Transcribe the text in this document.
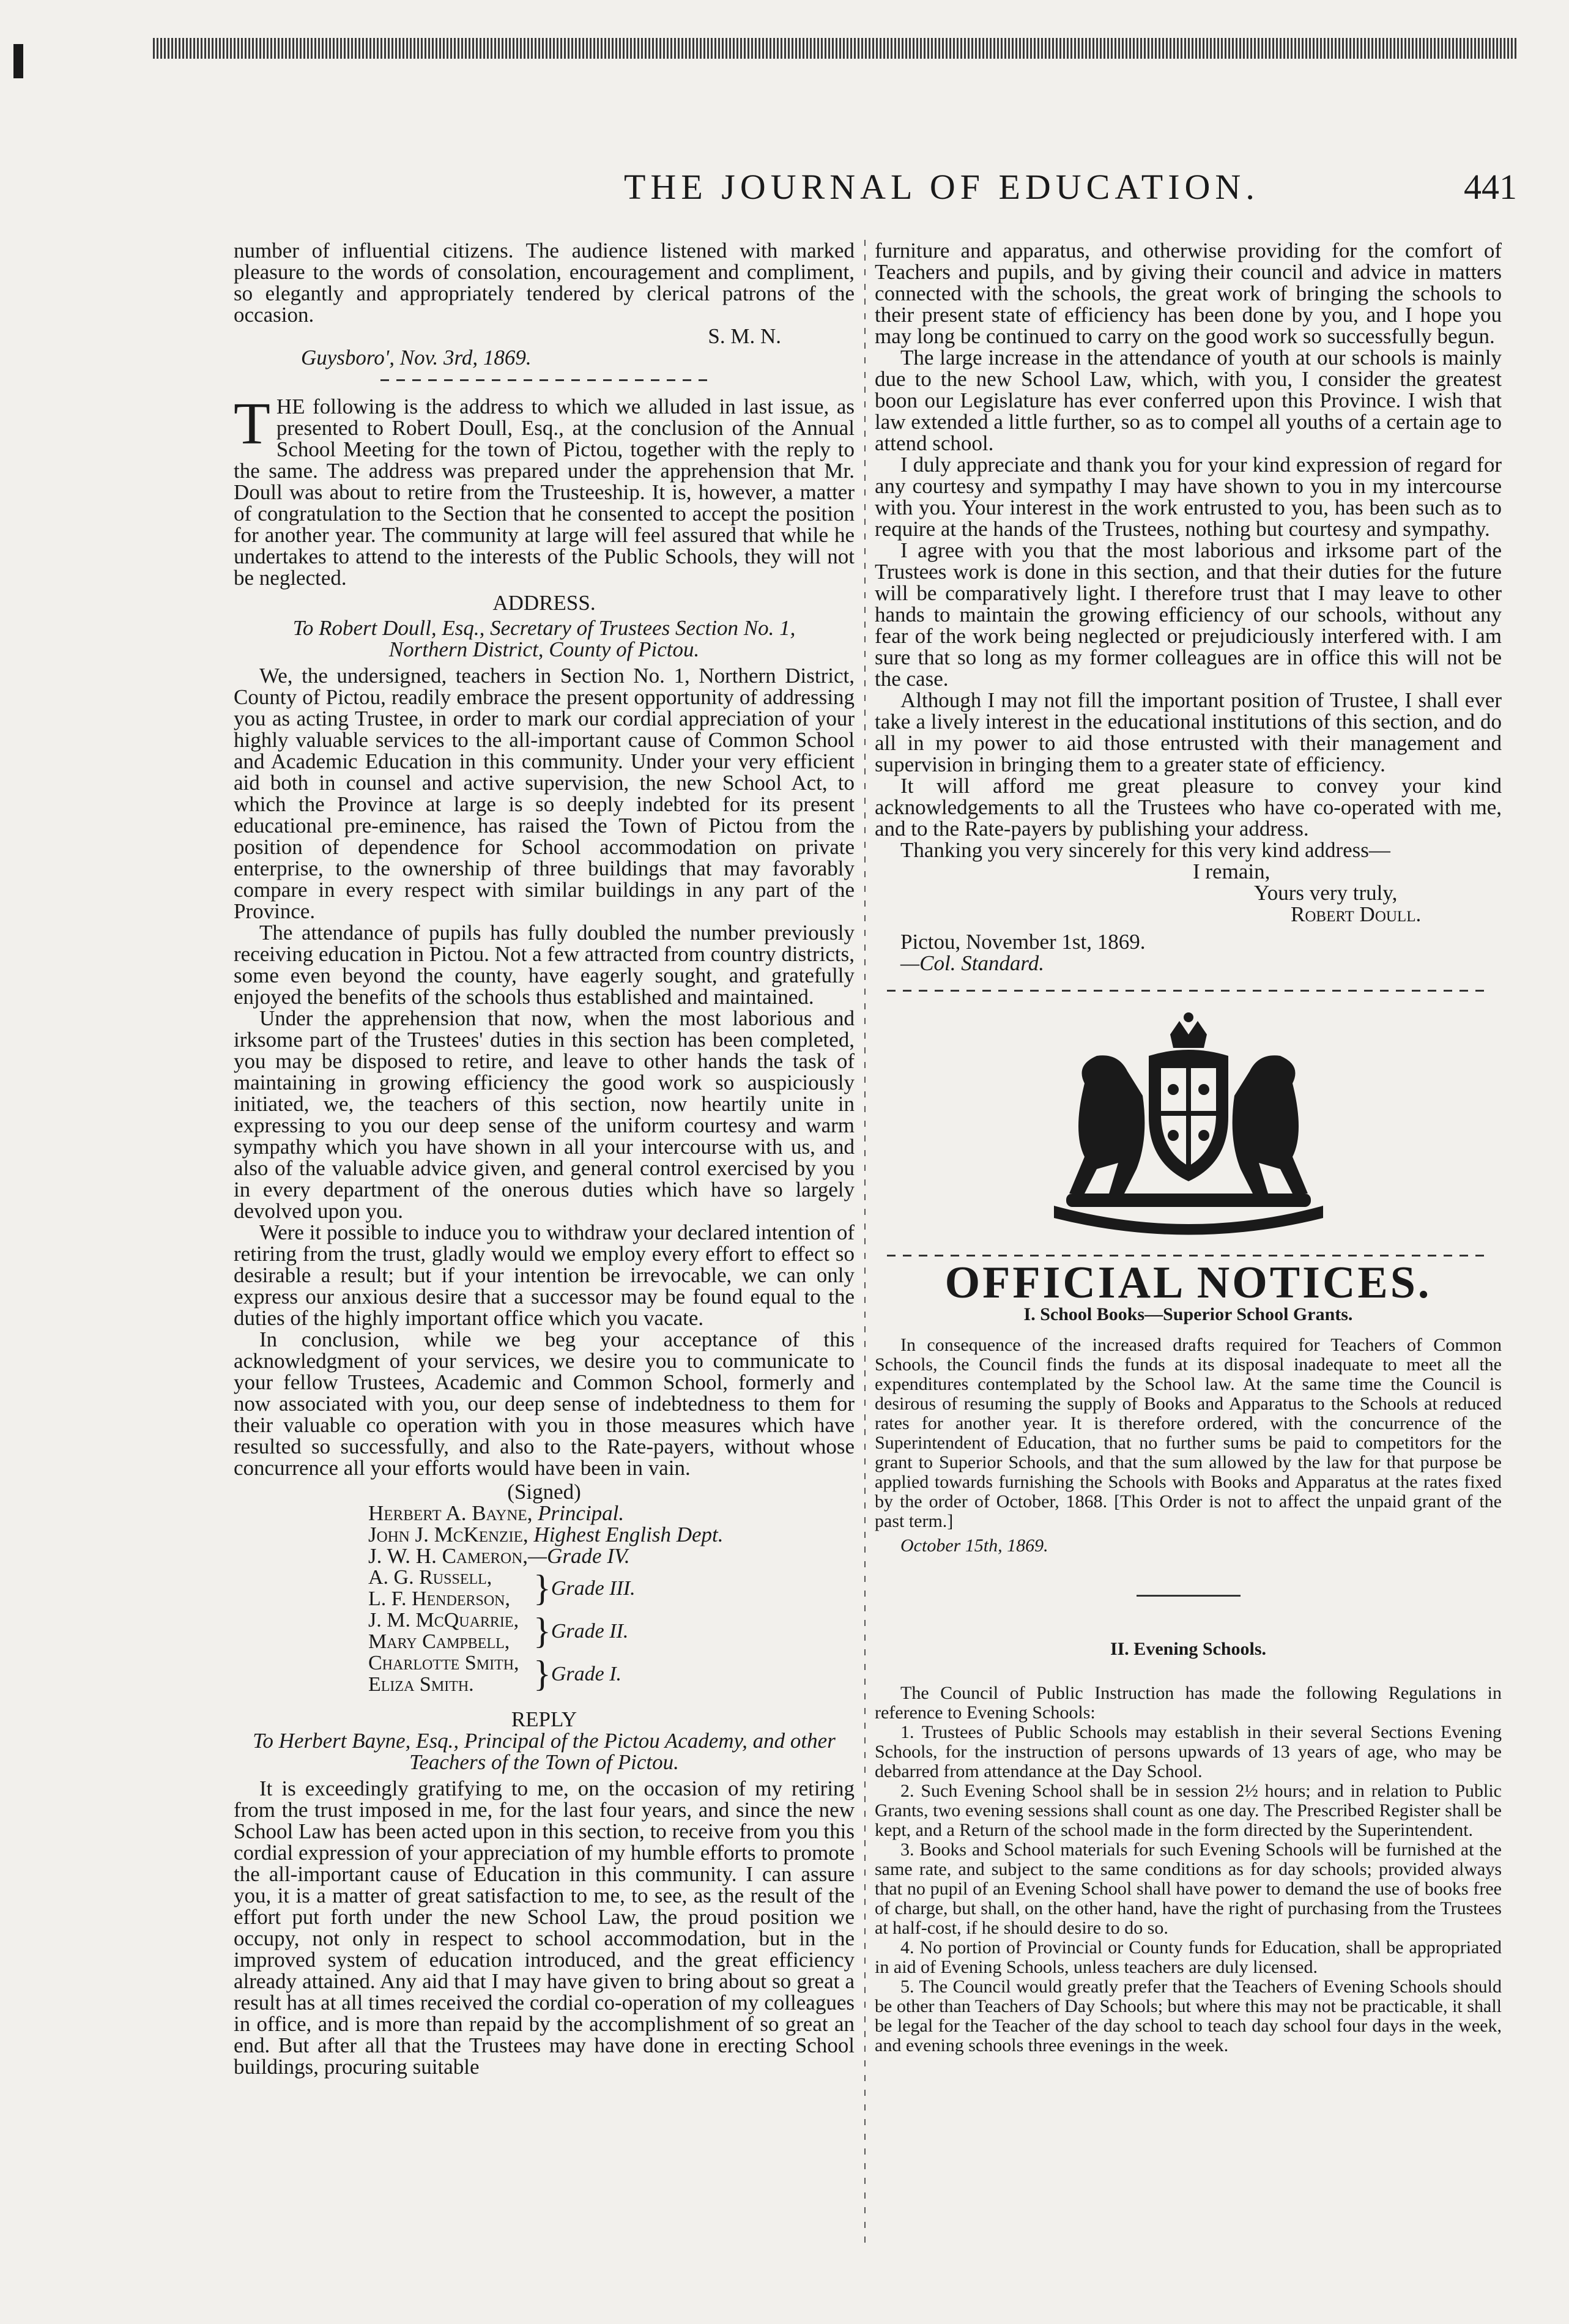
THE JOURNAL OF EDUCATION.	441

number of influential citizens. The audience listened with marked pleasure to the words of consolation, encouragement and compliment, so elegantly and appropriately tendered by clerical patrons of the occasion.

S. M. N.

Guysboro', Nov. 3rd, 1869.

THE following is the address to which we alluded in last issue, as presented to Robert Doull, Esq., at the conclusion of the Annual School Meeting for the town of Pictou, together with the reply to the same. The address was prepared under the apprehension that Mr. Doull was about to retire from the Trusteeship. It is, however, a matter of congratulation to the Section that he consented to accept the position for another year. The community at large will feel assured that while he undertakes to attend to the interests of the Public Schools, they will not be neglected.

ADDRESS.

To Robert Doull, Esq., Secretary of Trustees Section No. 1, Northern District, County of Pictou.

We, the undersigned, teachers in Section No. 1, Northern District, County of Pictou, readily embrace the present opportunity of addressing you as acting Trustee, in order to mark our cordial appreciation of your highly valuable services to the all-important cause of Common School and Academic Education in this community. Under your very efficient aid both in counsel and active supervision, the new School Act, to which the Province at large is so deeply indebted for its present educational pre-eminence, has raised the Town of Pictou from the position of dependence for School accommodation on private enterprise, to the ownership of three buildings that may favorably compare in every respect with similar buildings in any part of the Province.

The attendance of pupils has fully doubled the number previously receiving education in Pictou. Not a few attracted from country districts, some even beyond the county, have eagerly sought, and gratefully enjoyed the benefits of the schools thus established and maintained.

Under the apprehension that now, when the most laborious and irksome part of the Trustees' duties in this section has been completed, you may be disposed to retire, and leave to other hands the task of maintaining in growing efficiency the good work so auspiciously initiated, we, the teachers of this section, now heartily unite in expressing to you our deep sense of the uniform courtesy and warm sympathy which you have shown in all your intercourse with us, and also of the valuable advice given, and general control exercised by you in every department of the onerous duties which have so largely devolved upon you.

Were it possible to induce you to withdraw your declared intention of retiring from the trust, gladly would we employ every effort to effect so desirable a result; but if your intention be irrevocable, we can only express our anxious desire that a successor may be found equal to the duties of the highly important office which you vacate.

In conclusion, while we beg your acceptance of this acknowledgment of your services, we desire you to communicate to your fellow Trustees, Academic and Common School, formerly and now associated with you, our deep sense of indebtedness to them for their valuable co operation with you in those measures which have resulted so successfully, and also to the Rate-payers, without whose concurrence all your efforts would have been in vain.

(Signed)

Herbert A. Bayne, Principal.
John J. McKenzie, Highest English Dept.
J. W. H. Cameron,—Grade IV.
A. G. Russell,	}	Grade III.
L. F. Henderson,		
J. M. McQuarrie,	}	Grade II.
Mary Campbell,		
Charlotte Smith,	}	Grade I.
Eliza Smith.		

REPLY

To Herbert Bayne, Esq., Principal of the Pictou Academy, and other Teachers of the Town of Pictou.

It is exceedingly gratifying to me, on the occasion of my retiring from the trust imposed in me, for the last four years, and since the new School Law has been acted upon in this section, to receive from you this cordial expression of your appreciation of my humble efforts to promote the all-important cause of Education in this community. I can assure you, it is a matter of great satisfaction to me, to see, as the result of the effort put forth under the new School Law, the proud position we occupy, not only in respect to school accommodation, but in the improved system of education introduced, and the great efficiency already attained. Any aid that I may have given to bring about so great a result has at all times received the cordial co-operation of my colleagues in office, and is more than repaid by the accomplishment of so great an end. But after all that the Trustees may have done in erecting School buildings, procuring suitable

furniture and apparatus, and otherwise providing for the comfort of Teachers and pupils, and by giving their council and advice in matters connected with the schools, the great work of bringing the schools to their present state of efficiency has been done by you, and I hope you may long be continued to carry on the good work so successfully begun.

The large increase in the attendance of youth at our schools is mainly due to the new School Law, which, with you, I consider the greatest boon our Legislature has ever conferred upon this Province. I wish that law extended a little further, so as to compel all youths of a certain age to attend school.

I duly appreciate and thank you for your kind expression of regard for any courtesy and sympathy I may have shown to you in my intercourse with you. Your interest in the work entrusted to you, has been such as to require at the hands of the Trustees, nothing but courtesy and sympathy.

I agree with you that the most laborious and irksome part of the Trustees work is done in this section, and that their duties for the future will be comparatively light. I therefore trust that I may leave to other hands to maintain the growing efficiency of our schools, without any fear of the work being neglected or prejudiciously interfered with. I am sure that so long as my former colleagues are in office this will not be the case.

Although I may not fill the important position of Trustee, I shall ever take a lively interest in the educational institutions of this section, and do all in my power to aid those entrusted with their management and supervision in bringing them to a greater state of efficiency.

It will afford me great pleasure to convey your kind acknowledgements to all the Trustees who have co-operated with me, and to the Rate-payers by publishing your address.

Thanking you very sincerely for this very kind address—

I remain,

Yours very truly,

Robert Doull.

Pictou, November 1st, 1869.

—Col. Standard.

OFFICIAL NOTICES.

I. School Books—Superior School Grants.

In consequence of the increased drafts required for Teachers of Common Schools, the Council finds the funds at its disposal inadequate to meet all the expenditures contemplated by the School law. At the same time the Council is desirous of resuming the supply of Books and Apparatus to the Schools at reduced rates for another year. It is therefore ordered, with the concurrence of the Superintendent of Education, that no further sums be paid to competitors for the grant to Superior Schools, and that the sum allowed by the law for that purpose be applied towards furnishing the Schools with Books and Apparatus at the rates fixed by the order of October, 1868. [This Order is not to affect the unpaid grant of the past term.]

October 15th, 1869.

II. Evening Schools.

The Council of Public Instruction has made the following Regulations in reference to Evening Schools:

1. Trustees of Public Schools may establish in their several Sections Evening Schools, for the instruction of persons upwards of 13 years of age, who may be debarred from attendance at the Day School.

2. Such Evening School shall be in session 2½ hours; and in relation to Public Grants, two evening sessions shall count as one day. The Prescribed Register shall be kept, and a Return of the school made in the form directed by the Superintendent.

3. Books and School materials for such Evening Schools will be furnished at the same rate, and subject to the same conditions as for day schools; provided always that no pupil of an Evening School shall have power to demand the use of books free of charge, but shall, on the other hand, have the right of purchasing from the Trustees at half-cost, if he should desire to do so.

4. No portion of Provincial or County funds for Education, shall be appropriated in aid of Evening Schools, unless teachers are duly licensed.

5. The Council would greatly prefer that the Teachers of Evening Schools should be other than Teachers of Day Schools; but where this may not be practicable, it shall be legal for the Teacher of the day school to teach day school four days in the week, and evening schools three evenings in the week.
